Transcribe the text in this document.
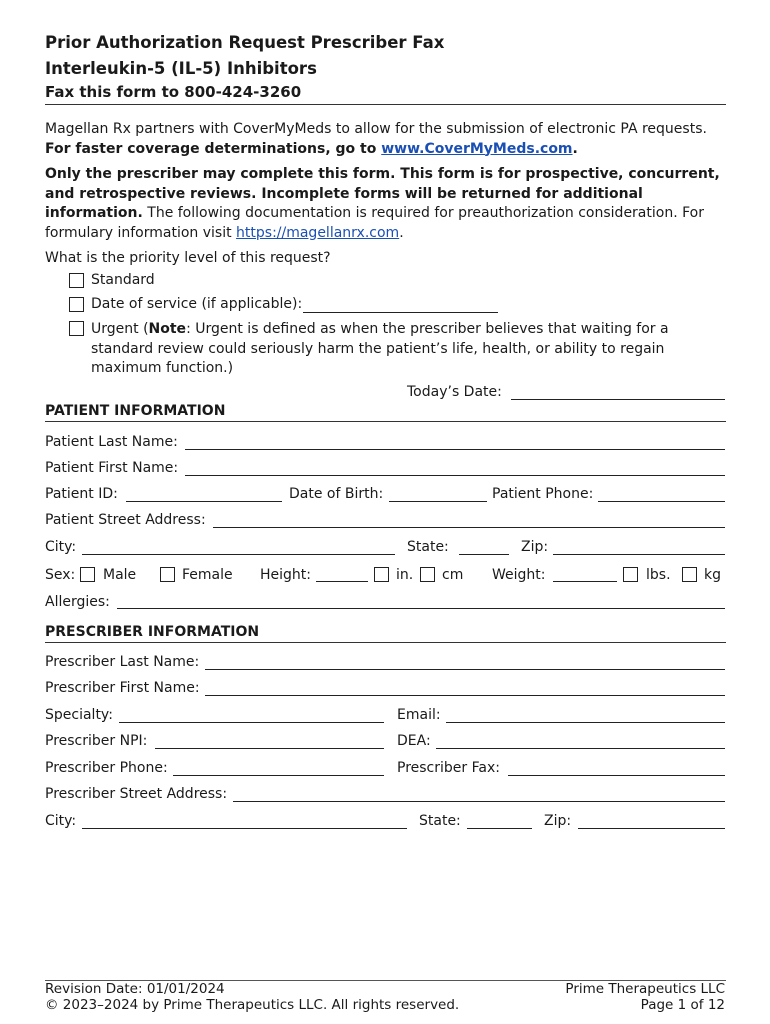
Prior Authorization Request Prescriber Fax
Interleukin-5 (IL-5) Inhibitors
Fax this form to 800-424-3260
Magellan Rx partners with CoverMyMeds to allow for the submission of electronic PA requests.
For faster coverage determinations, go to www.CoverMyMeds.com.
Only the prescriber may complete this form. This form is for prospective, concurrent, and retrospective reviews. Incomplete forms will be returned for additional information. The following documentation is required for preauthorization consideration. For formulary information visit https://magellanrx.com.
What is the priority level of this request?
Standard
Date of service (if applicable):
Urgent (Note: Urgent is defined as when the prescriber believes that waiting for a
standard review could seriously harm the patient’s life, health, or ability to regain
maximum function.)
Today’s Date:
PATIENT INFORMATION
Patient Last Name:
Patient First Name:
Patient ID:	Date of Birth:	Patient Phone:
Patient Street Address:
City:	State:	Zip:
Sex: Male	Female Height:	in. cm Weight:	lbs. kg
Allergies:
PRESCRIBER INFORMATION
Prescriber Last Name:
Prescriber First Name:
Specialty:	Email:
Prescriber NPI:	DEA:
Prescriber Phone:	Prescriber Fax:
Prescriber Street Address:
City:	State:	Zip:
Revision Date: 01/01/2024
© 2023–2024 by Prime Therapeutics LLC. All rights reserved.
Prime Therapeutics LLC
Page 1 of 12
